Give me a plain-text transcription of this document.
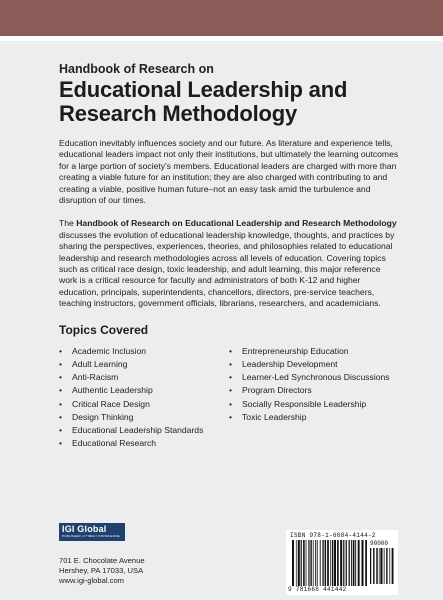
Handbook of Research on

Educational Leadership and
Research Methodology

Education inevitably influences society and our future. As literature and experience tells, educational leaders impact not only their institutions, but ultimately the learning outcomes for a large portion of society's members. Educational leaders are charged with more than creating a viable future for an institution; they are also charged with contributing to and creating a viable, positive human future–not an easy task amid the turbulence and disruption of our times.

The Handbook of Research on Educational Leadership and Research Methodology discusses the evolution of educational leadership knowledge, thoughts, and practices by sharing the perspectives, experiences, theories, and philosophies related to educational leadership and research methodologies across all levels of education. Covering topics such as critical race design, toxic leadership, and adult learning, this major reference work is a critical resource for faculty and administrators of both K-12 and higher education, principals, superintendents, chancellors, directors, pre-service teachers, teaching instructors, government officials, librarians, researchers, and academicians.

Topics Covered
• Academic Inclusion
• Adult Learning
• Anti-Racism
• Authentic Leadership
• Critical Race Design
• Design Thinking
• Educational Leadership Standards
• Educational Research
• Entrepreneurship Education
• Leadership Development
• Learner-Led Synchronous Discussions
• Program Directors
• Socially Responsible Leadership
• Toxic Leadership
IGI Global
PUBLISHER of TIMELY KNOWLEDGE
701 E. Chocolate Avenue
Hershey, PA 17033, USA
www.igi-global.com
ISBN 978-1-6684-4144-2
90000
9 781668 441442
